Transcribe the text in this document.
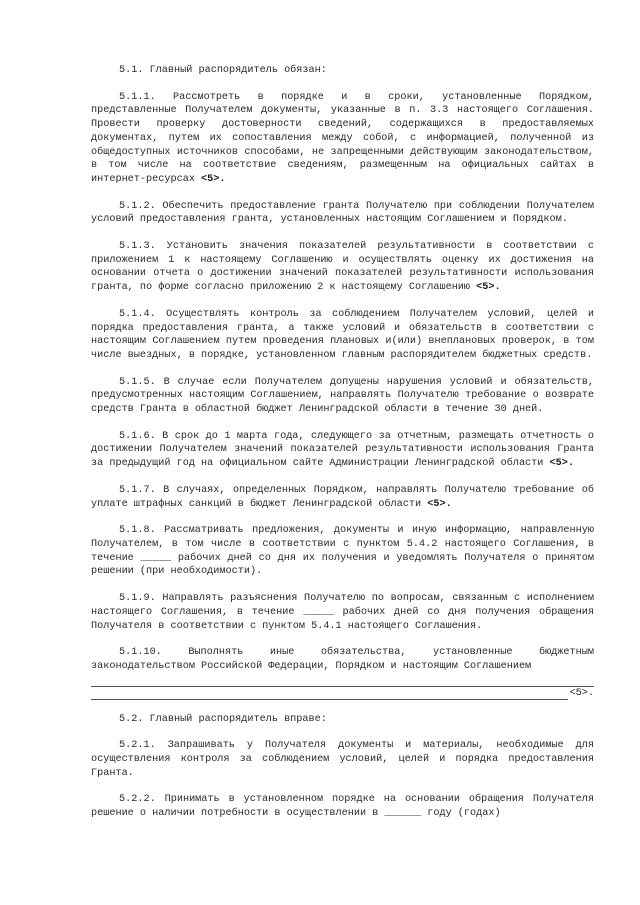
5.1. Главный распорядитель обязан:

5.1.1. Рассмотреть в порядке и в сроки, установленные Порядком, представленные Получателем документы, указанные в п. 3.3 настоящего Соглашения. Провести проверку достоверности сведений, содержащихся в предоставляемых документах, путем их сопоставления между собой, с информацией, полученной из общедоступных источников способами, не запрещенными действующим законодательством, в том числе на соответствие сведениям, размещенным на официальных сайтах в интернет-ресурсах <5>.

5.1.2. Обеспечить предоставление гранта Получателю при соблюдении Получателем условий предоставления гранта, установленных настоящим Соглашением и Порядком.

5.1.3. Установить значения показателей результативности в соответствии с приложением 1 к настоящему Соглашению и осуществлять оценку их достижения на основании отчета о достижении значений показателей результативности использования гранта, по форме согласно приложению 2 к настоящему Соглашению <5>.

5.1.4. Осуществлять контроль за соблюдением Получателем условий, целей и порядка предоставления гранта, а также условий и обязательств в соответствии с настоящим Соглашением путем проведения плановых и(или) внеплановых проверок, в том числе выездных, в порядке, установленном главным распорядителем бюджетных средств.

5.1.5. В случае если Получателем допущены нарушения условий и обязательств, предусмотренных настоящим Соглашением, направлять Получателю требование о возврате средств Гранта в областной бюджет Ленинградской области в течение 30 дней.

5.1.6. В срок до 1 марта года, следующего за отчетным, размещать отчетность о достижении Получателем значений показателей результативности использования Гранта за предыдущий год на официальном сайте Администрации Ленинградской области <5>.

5.1.7. В случаях, определенных Порядком, направлять Получателю требование об уплате штрафных санкций в бюджет Ленинградской области <5>.

5.1.8. Рассматривать предложения, документы и иную информацию, направленную Получателем, в том числе в соответствии с пунктом 5.4.2 настоящего Соглашения, в течение _____ рабочих дней со дня их получения и уведомлять Получателя о принятом решении (при необходимости).

5.1.9. Направлять разъяснения Получателю по вопросам, связанным с исполнением настоящего Соглашения, в течение _____ рабочих дней со дня получения обращения Получателя в соответствии с пунктом 5.4.1 настоящего Соглашения.

5.1.10. Выполнять иные обязательства, установленные бюджетным законодательством Российской Федерации, Порядком и настоящим Соглашением

<5>.

5.2. Главный распорядитель вправе:

5.2.1. Запрашивать у Получателя документы и материалы, необходимые для осуществления контроля за соблюдением условий, целей и порядка предоставления Гранта.

5.2.2. Принимать в установленном порядке на основании обращения Получателя решение о наличии потребности в осуществлении в ______ году (годах)
